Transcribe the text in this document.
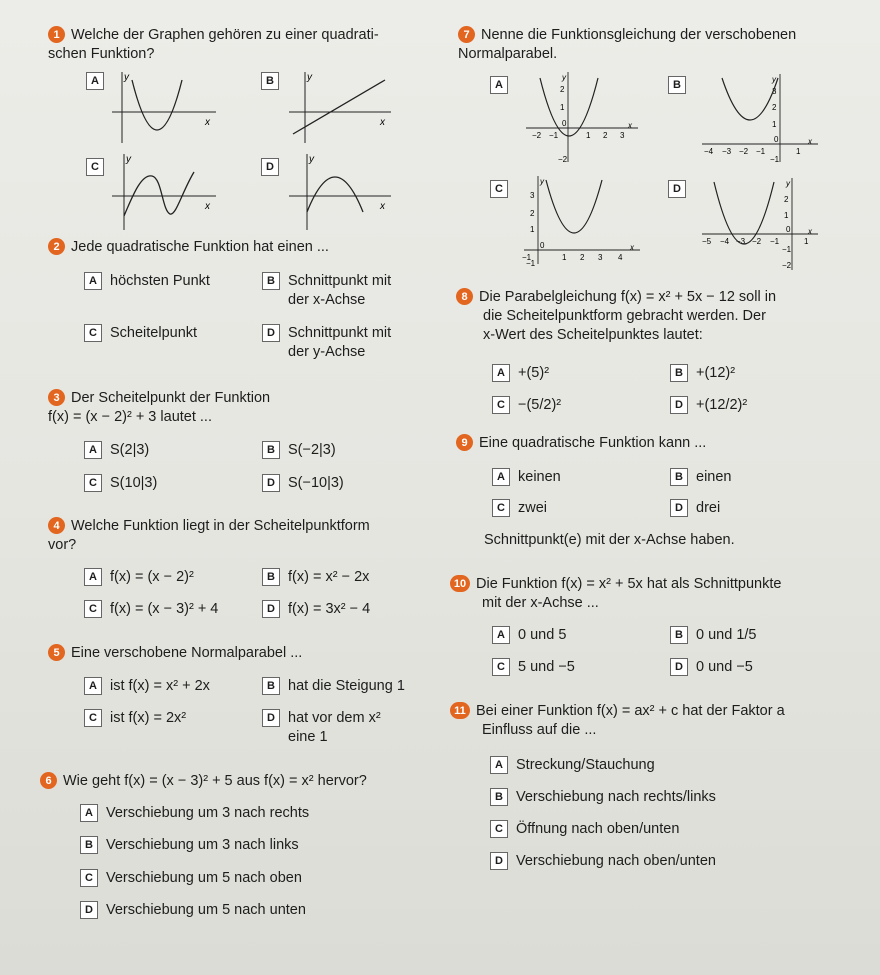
1 Welche der Graphen gehören zu einer quadrati-
schen Funktion?
A	y
x
B	y
x
C
y
x
D
y
x
2 Jede quadratische Funktion hat einen ...
A höchsten Punkt	B Schnittpunkt mit
der x-Achse
C Scheitelpunkt	D Schnittpunkt mit
der y-Achse
3 Der Scheitelpunkt der Funktion
f(x) = (x − 2)² + 3 lautet ...
A S(2|3)	B S(−2|3)
C S(10|3)	D S(−10|3)
4 Welche Funktion liegt in der Scheitelpunktform
vor?
A f(x) = (x − 2)²	B f(x) = x² − 2x
C f(x) = (x − 3)² + 4	D f(x) = 3x² − 4
5 Eine verschobene Normalparabel ...
A ist f(x) = x² + 2x	B hat die Steigung 1
C ist f(x) = 2x²	D hat vor dem x²
eine 1
6 Wie geht f(x) = (x − 3)² + 5 aus f(x) = x² hervor?
A Verschiebung um 3 nach rechts
B Verschiebung um 3 nach links
C Verschiebung um 5 nach oben
D Verschiebung um 5 nach unten
7 Nenne die Funktionsgleichung der verschobenen
Normalparabel.
A
y
x
−2 −1
0
1 2 3
2
1
−2
B	y
x
−4 −3 −2 −1
0
1
3
2
1
−1
C
y
x
−1
0
1 2 3 4
3
2
1
−1
D	y
x
−5 −4 −3 −2 −1
0
1
2
1
−1
−2
8 Die Parabelgleichung f(x) = x² + 5x − 12 soll in
die Scheitelpunktform gebracht werden. Der
x-Wert des Scheitelpunktes lautet:
A +(5)²	B +(12)²
C −(5/2)²	D +(12/2)²
9 Eine quadratische Funktion kann ...
A keinen	B einen
C zwei	D drei
Schnittpunkt(e) mit der x-Achse haben.
10 Die Funktion f(x) = x² + 5x hat als Schnittpunkte
mit der x-Achse ...
A 0 und 5	B 0 und 1/5
C 5 und −5	D 0 und −5
11 Bei einer Funktion f(x) = ax² + c hat der Faktor a
Einfluss auf die ...
A Streckung/Stauchung
B Verschiebung nach rechts/links
C Öffnung nach oben/unten
D Verschiebung nach oben/unten
